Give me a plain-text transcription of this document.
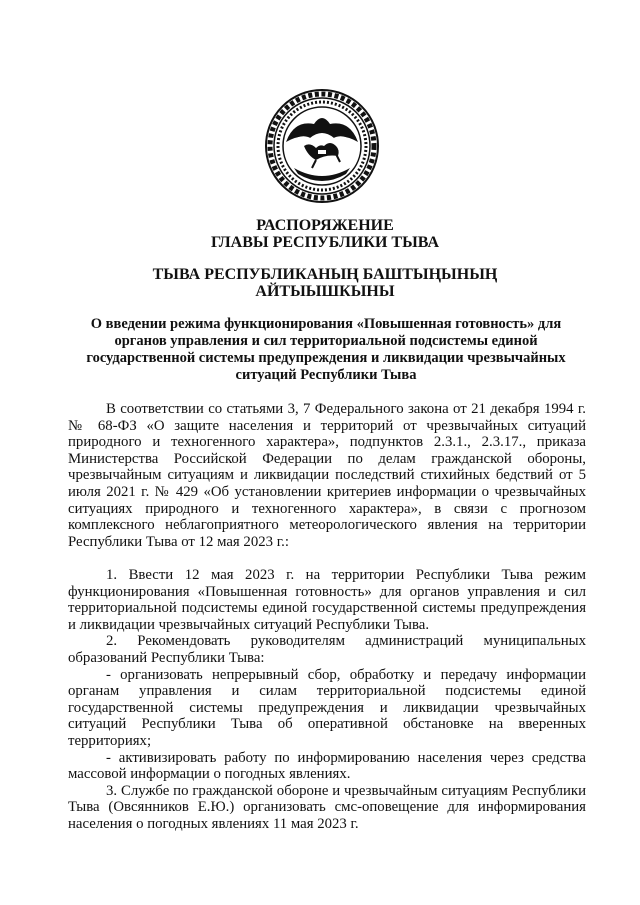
РАСПОРЯЖЕНИЕ
ГЛАВЫ РЕСПУБЛИКИ ТЫВА
ТЫВА РЕСПУБЛИКАНЫҢ БАШТЫҢЫНЫҢ
АЙТЫЫШКЫНЫ
О введении режима функционирования «Повышенная готовность» для органов управления и сил территориальной подсистемы единой государственной системы предупреждения и ликвидации чрезвычайных ситуаций Республики Тыва

В соответствии со статьями 3, 7 Федерального закона от 21 декабря 1994 г. № 68-ФЗ «О защите населения и территорий от чрезвычайных ситуаций природного и техногенного характера», подпунктов 2.3.1., 2.3.17., приказа Министерства Российской Федерации по делам гражданской обороны, чрезвычайным ситуациям и ликвидации последствий стихийных бедствий от 5 июля 2021 г. № 429 «Об установлении критериев информации о чрезвычайных ситуациях природного и техногенного характера», в связи с прогнозом комплексного неблагоприятного метеорологического явления на территории Республики Тыва от 12 мая 2023 г.:

1. Ввести 12 мая 2023 г. на территории Республики Тыва режим функционирования «Повышенная готовность» для органов управления и сил территориальной подсистемы единой государственной системы предупреждения и ликвидации чрезвычайных ситуаций Республики Тыва.

2. Рекомендовать руководителям администраций муниципальных образований Республики Тыва:

- организовать непрерывный сбор, обработку и передачу информации органам управления и силам территориальной подсистемы единой государственной системы предупреждения и ликвидации чрезвычайных ситуаций Республики Тыва об оперативной обстановке на вверенных территориях;

- активизировать работу по информированию населения через средства массовой информации о погодных явлениях.

3. Службе по гражданской обороне и чрезвычайным ситуациям Республики Тыва (Овсянников Е.Ю.) организовать смс-оповещение для информирования населения о погодных явлениях 11 мая 2023 г.
